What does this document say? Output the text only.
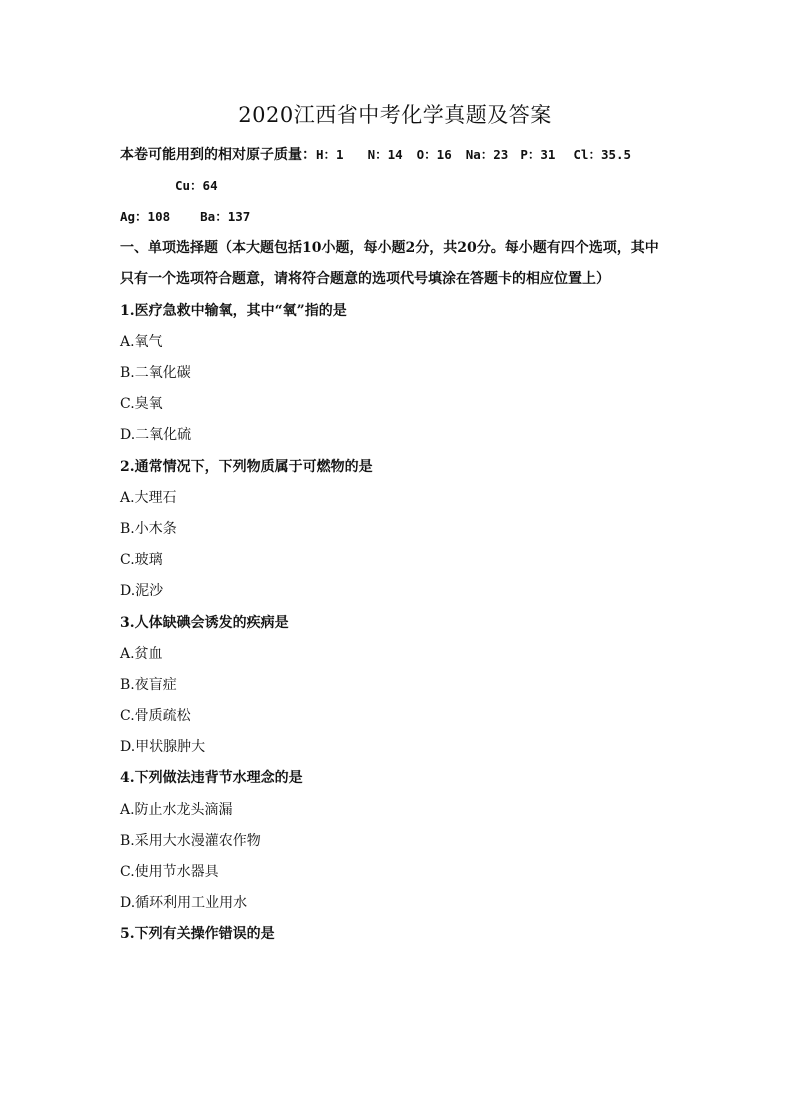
2020江西省中考化学真题及答案
本卷可能用到的相对原子质量：H：1 N：14 O：16 Na：23 P：31 Cl：35.5
Cu：64
Ag：108 Ba：137
一、单项选择题（本大题包括10小题，每小题2分，共20分。每小题有四个选项，其中
只有一个选项符合题意，请将符合题意的选项代号填涂在答题卡的相应位置上）
1.医疗急救中输氧，其中“氧”指的是
A.氧气
B.二氧化碳
C.臭氧
D.二氧化硫
2.通常情况下，下列物质属于可燃物的是
A.大理石
B.小木条
C.玻璃
D.泥沙
3.人体缺碘会诱发的疾病是
A.贫血
B.夜盲症
C.骨质疏松
D.甲状腺肿大
4.下列做法违背节水理念的是
A.防止水龙头滴漏
B.采用大水漫灌农作物
C.使用节水器具
D.循环利用工业用水
5.下列有关操作错误的是
